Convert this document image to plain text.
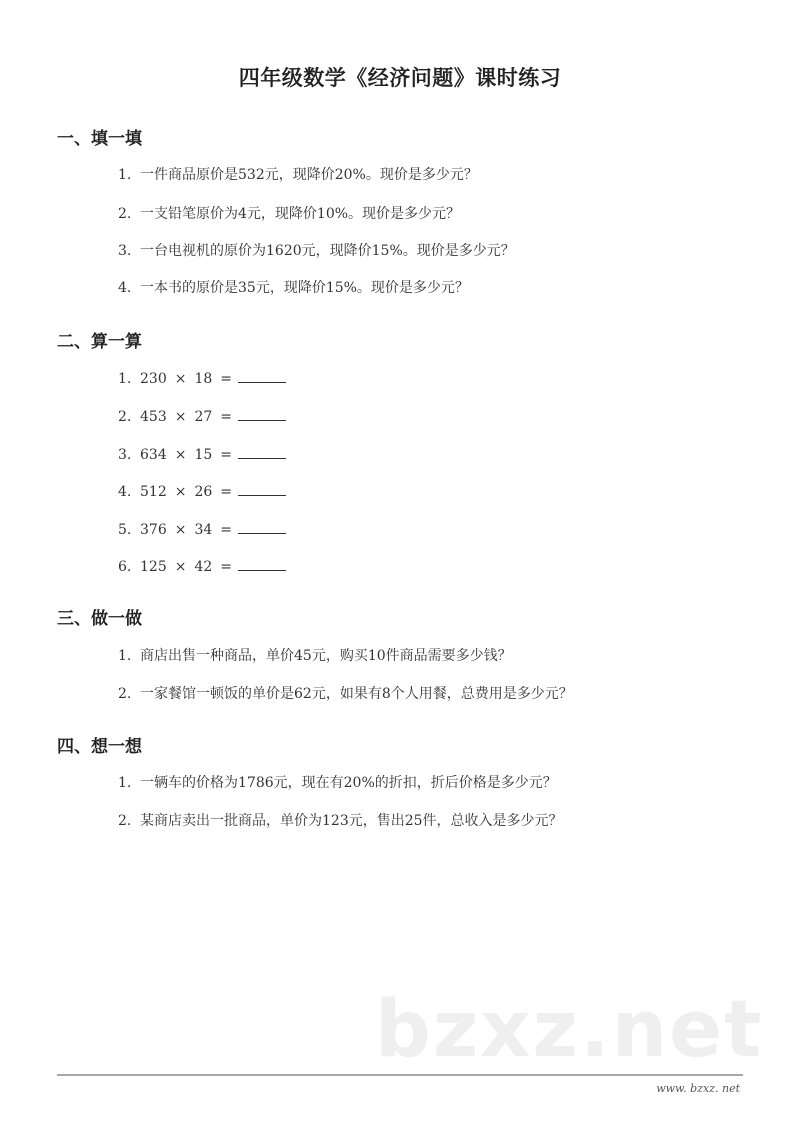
四年级数学《经济问题》课时练习
一、填一填
1. 一件商品原价是532元，现降价20%。现价是多少元？
2. 一支铅笔原价为4元，现降价10%。现价是多少元？
3. 一台电视机的原价为1620元，现降价15%。现价是多少元？
4. 一本书的原价是35元，现降价15%。现价是多少元？
二、算一算
1. 230 × 18 =
2. 453 × 27 =
3. 634 × 15 =
4. 512 × 26 =
5. 376 × 34 =
6. 125 × 42 =
三、做一做
1. 商店出售一种商品，单价45元，购买10件商品需要多少钱？
2. 一家餐馆一顿饭的单价是62元，如果有8个人用餐，总费用是多少元？
四、想一想
1. 一辆车的价格为1786元，现在有20%的折扣，折后价格是多少元？
2. 某商店卖出一批商品，单价为123元，售出25件，总收入是多少元？
bzxz.net
www. bzxz. net
